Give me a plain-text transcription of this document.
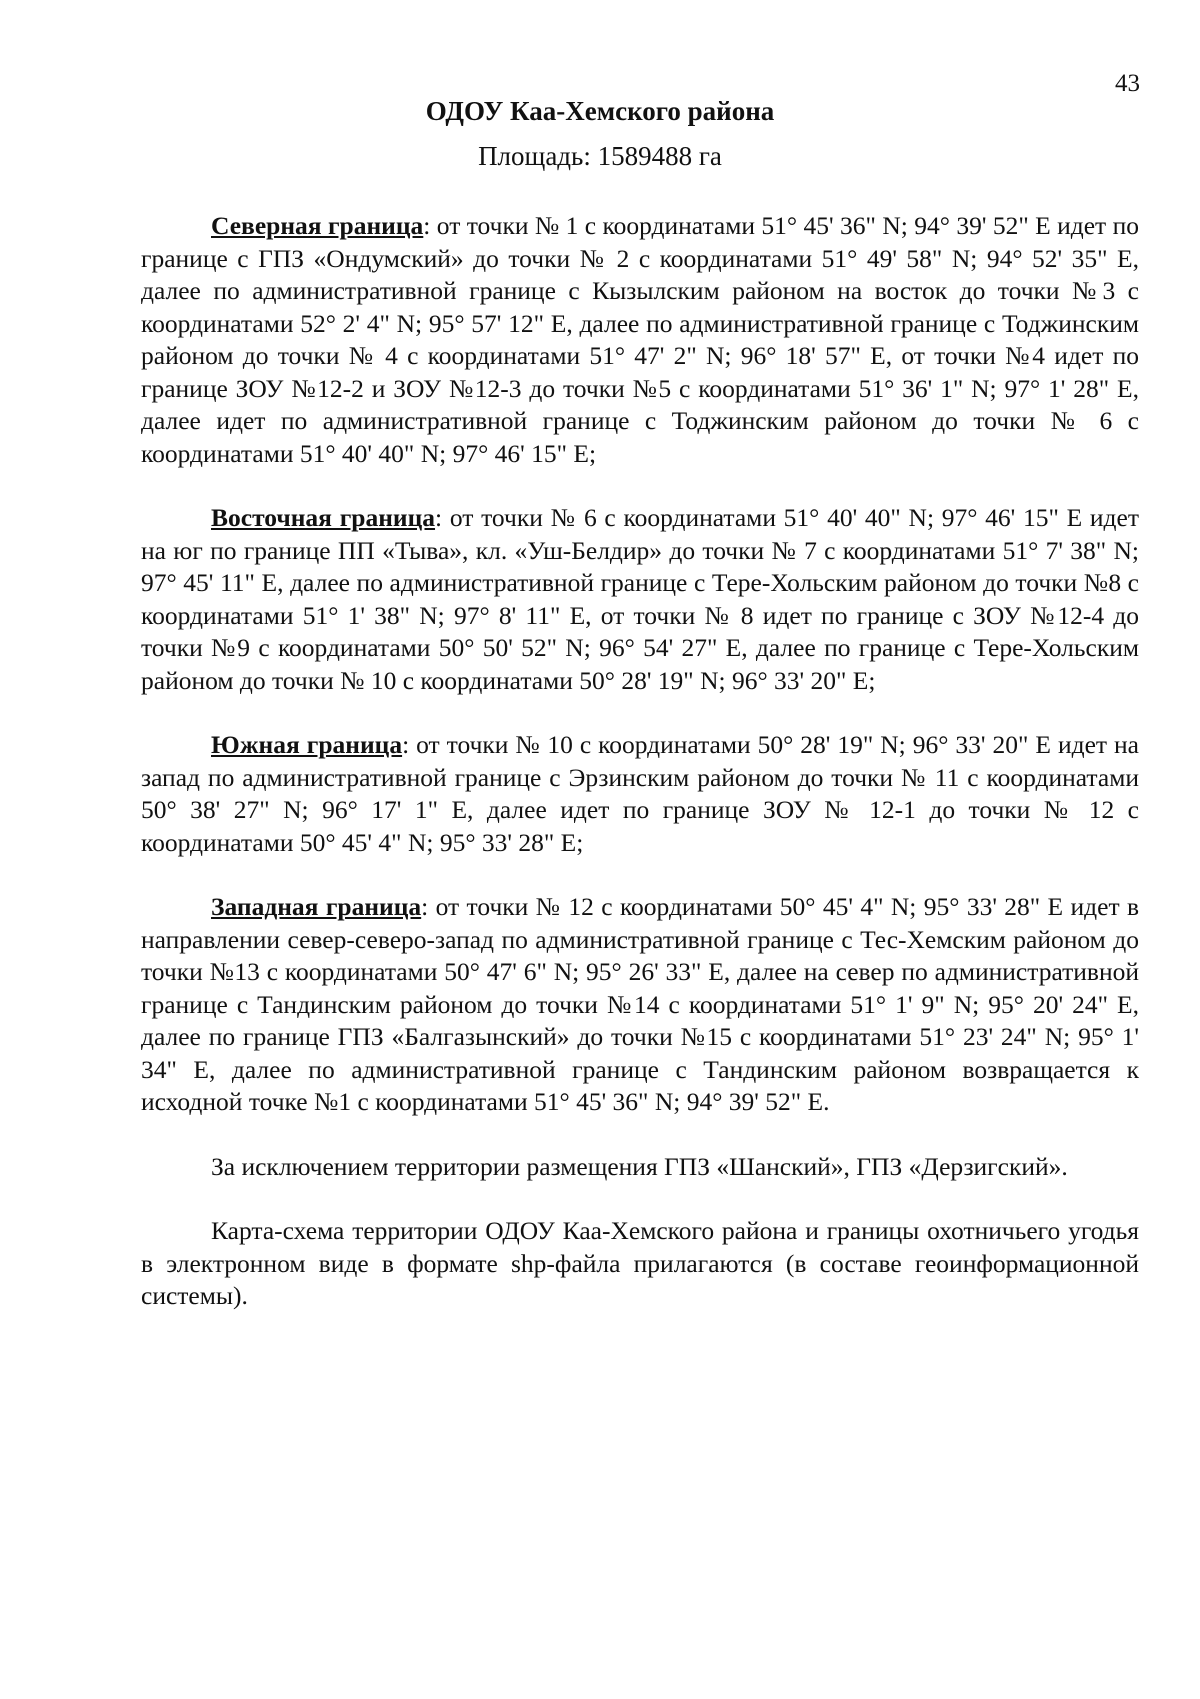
43
ОДОУ Каа-Хемского района
Площадь: 1589488 га

Северная граница: от точки № 1 с координатами 51° 45' 36" N; 94° 39' 52" E идет по границе с ГПЗ «Ондумский» до точки № 2 с координатами 51° 49' 58" N; 94° 52' 35" E, далее по административной границе с Кызылским районом на восток до точки №3 с координатами 52° 2' 4" N; 95° 57' 12" E, далее по административной границе с Тоджинским районом до точки № 4 с координатами 51° 47' 2" N; 96° 18' 57" E, от точки №4 идет по границе ЗОУ №12-2 и ЗОУ №12-3 до точки №5 с координатами 51° 36' 1" N; 97° 1' 28" E, далее идет по административной границе с Тоджинским районом до точки № 6 с координатами 51° 40' 40" N; 97° 46' 15" E;

Восточная граница: от точки № 6 с координатами 51° 40' 40" N; 97° 46' 15" E идет на юг по границе ПП «Тыва», кл. «Уш-Белдир» до точки № 7 с координатами 51° 7' 38" N; 97° 45' 11" E, далее по административной границе с Тере-Хольским районом до точки №8 с координатами 51° 1' 38" N; 97° 8' 11" E, от точки № 8 идет по границе с ЗОУ №12-4 до точки №9 с координатами 50° 50' 52" N; 96° 54' 27" E, далее по границе с Тере-Хольским районом до точки № 10 с координатами 50° 28' 19" N; 96° 33' 20" E;

Южная граница: от точки № 10 с координатами 50° 28' 19" N; 96° 33' 20" E идет на запад по административной границе с Эрзинским районом до точки № 11 с координатами 50° 38' 27" N; 96° 17' 1" E, далее идет по границе ЗОУ № 12-1 до точки № 12 с координатами 50° 45' 4" N; 95° 33' 28" E;

Западная граница: от точки № 12 с координатами 50° 45' 4" N; 95° 33' 28" E идет в направлении север-северо-запад по административной границе с Тес-Хемским районом до точки №13 с координатами 50° 47' 6" N; 95° 26' 33" E, далее на север по административной границе с Тандинским районом до точки №14 с координатами 51° 1' 9" N; 95° 20' 24" E, далее по границе ГПЗ «Балгазынский» до точки №15 с координатами 51° 23' 24" N; 95° 1' 34" E, далее по административной границе с Тандинским районом возвращается к исходной точке №1 с координатами 51° 45' 36" N; 94° 39' 52" E.

За исключением территории размещения ГПЗ «Шанский», ГПЗ «Дерзигский».

Карта-схема территории ОДОУ Каа-Хемского района и границы охотничьего угодья в электронном виде в формате shp-файла прилагаются (в составе геоинформационной системы).
